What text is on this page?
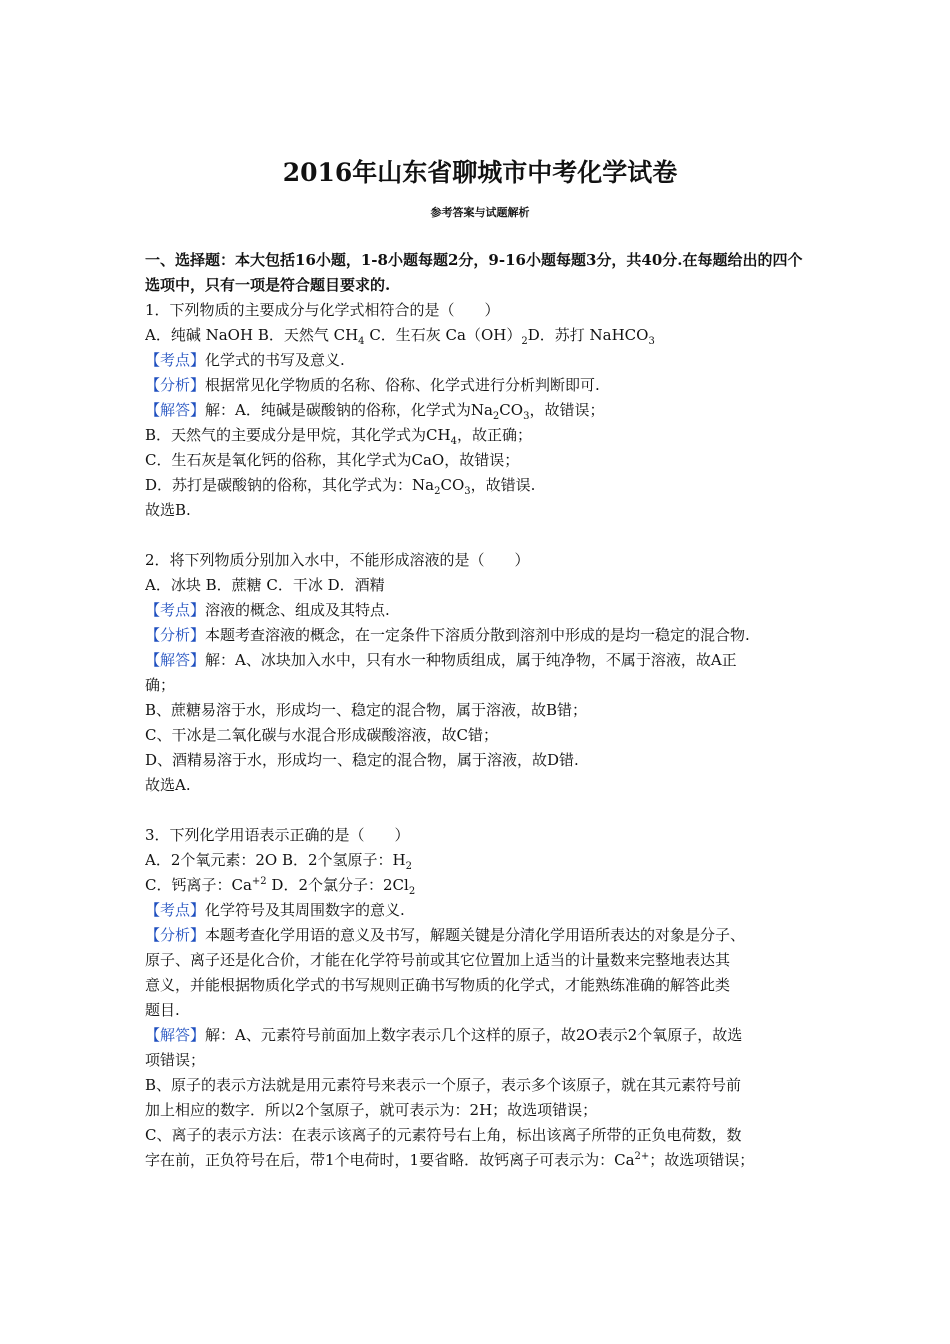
2016年山东省聊城市中考化学试卷
参考答案与试题解析
一、选择题：本大包括16小题，1-8小题每题2分，9-16小题每题3分，共40分.在每题给出的四个选项中，只有一项是符合题目要求的.
1．下列物质的主要成分与化学式相符合的是（　　）
A．纯碱 NaOH B．天然气 $CH_4$ C．生石灰 $Ca(OH)_2D$．苏打 NaHCO$_3$
【考点】化学式的书写及意义.
【分析】根据常见化学物质的名称、俗称、化学式进行分析判断即可.
【解答】解：A．纯碱是碳酸钠的俗称，化学式为$Na_2CO_3$，故错误；
B．天然气的主要成分是甲烷，其化学式为$CH_4$，故正确；
C．生石灰是氧化钙的俗称，其化学式为CaO，故错误；
D．苏打是碳酸钠的俗称，其化学式为：$Na_2CO_3$，故错误.
故选B.
2．将下列物质分别加入水中，不能形成溶液的是（　　）
A．冰块 B．蔗糖 C．干冰 D．酒精
【考点】溶液的概念、组成及其特点.
【分析】本题考查溶液的概念，在一定条件下溶质分散到溶剂中形成的是均一稳定的混合物.
【解答】解：A、冰块加入水中，只有水一种物质组成，属于纯净物，不属于溶液，故A正
确；
B、蔗糖易溶于水，形成均一、稳定的混合物，属于溶液，故B错；
C、干冰是二氧化碳与水混合形成碳酸溶液，故C错；
D、酒精易溶于水，形成均一、稳定的混合物，属于溶液，故D错.
故选A.
3．下列化学用语表示正确的是（　　）
A．2个氧元素：2O B．2个氢原子：$H_2$
C．钙离子：$Ca^{+2}$ D．2个氯分子：$2Cl_2$
【考点】化学符号及其周围数字的意义.
【分析】本题考查化学用语的意义及书写，解题关键是分清化学用语所表达的对象是分子、
原子、离子还是化合价，才能在化学符号前或其它位置加上适当的计量数来完整地表达其
意义，并能根据物质化学式的书写规则正确书写物质的化学式，才能熟练准确的解答此类
题目.
【解答】解：A、元素符号前面加上数字表示几个这样的原子，故2O表示2个氧原子，故选
项错误；
B、原子的表示方法就是用元素符号来表示一个原子，表示多个该原子，就在其元素符号前
加上相应的数字．所以2个氢原子，就可表示为：2H；故选项错误；
C、离子的表示方法：在表示该离子的元素符号右上角，标出该离子所带的正负电荷数，数
字在前，正负符号在后，带1个电荷时，1要省略．故钙离子可表示为：$Ca^{2+}$；故选项错误；
